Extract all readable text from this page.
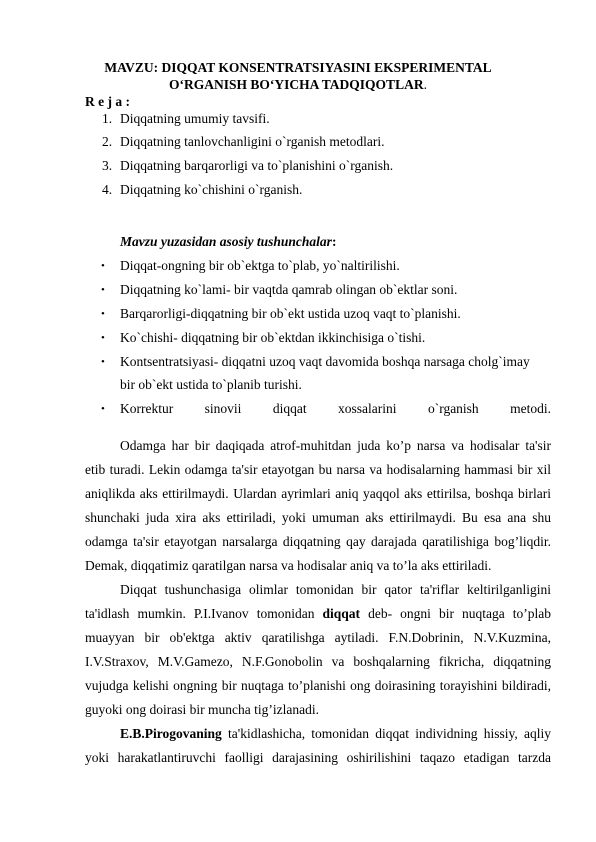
MAVZU: DIQQAT KONSENTRATSIYASINI EKSPERIMENTAL
O‘RGANISH BO‘YICHA TADQIQOTLAR.
R e j a :
1. Diqqatning umumiy tavsifi.
2. Diqqatning tanlovchanligini o`rganish metodlari.
3. Diqqatning barqarorligi va to`planishini o`rganish.
4. Diqqatning ko`chishini o`rganish.
Mavzu yuzasidan asosiy tushunchalar:
• Diqqat-ongning bir ob`ektga to`plab, yo`naltirilishi.
• Diqqatning ko`lami- bir vaqtda qamrab olingan ob`ektlar soni.
• Barqarorligi-diqqatning bir ob`ekt ustida uzoq vaqt to`planishi.
• Ko`chishi- diqqatning bir ob`ektdan ikkinchisiga o`tishi.
• Kontsentratsiyasi- diqqatni uzoq vaqt davomida boshqa narsaga cholg`imay
bir ob`ekt ustida to`planib turishi.
• Korrektur sinovii diqqat xossalarini o`rganish metodi.
Odamga har bir daqiqada atrof-muhitdan juda ko’p narsa va hodisalar ta'sir
etib turadi. Lekin odamga ta'sir etayotgan bu narsa va hodisalarning hammasi bir xil
aniqlikda aks ettirilmaydi. Ulardan ayrimlari aniq yaqqol aks ettirilsa, boshqa birlari
shunchaki juda xira aks ettiriladi, yoki umuman aks ettirilmaydi. Bu esa ana shu
odamga ta'sir etayotgan narsalarga diqqatning qay darajada qaratilishiga bog’liqdir.
Demak, diqqatimiz qaratilgan narsa va hodisalar aniq va to’la aks ettiriladi.
Diqqat tushunchasiga olimlar tomonidan bir qator ta'riflar keltirilganligini
ta'idlash mumkin. P.I.Ivanov tomonidan diqqat deb- ongni bir nuqtaga to’plab
muayyan bir ob'ektga aktiv qaratilishga aytiladi. F.N.Dobrinin, N.V.Kuzmina,
I.V.Straxov, M.V.Gamezo, N.F.Gonobolin va boshqalarning fikricha, diqqatning
vujudga kelishi ongning bir nuqtaga to’planishi ong doirasining torayishini bildiradi,
guyoki ong doirasi bir muncha tig’izlanadi.
E.B.Pirogovaning ta'kidlashicha, tomonidan diqqat individning hissiy, aqliy
yoki harakatlantiruvchi faolligi darajasining oshirilishini taqazo etadigan tarzda
